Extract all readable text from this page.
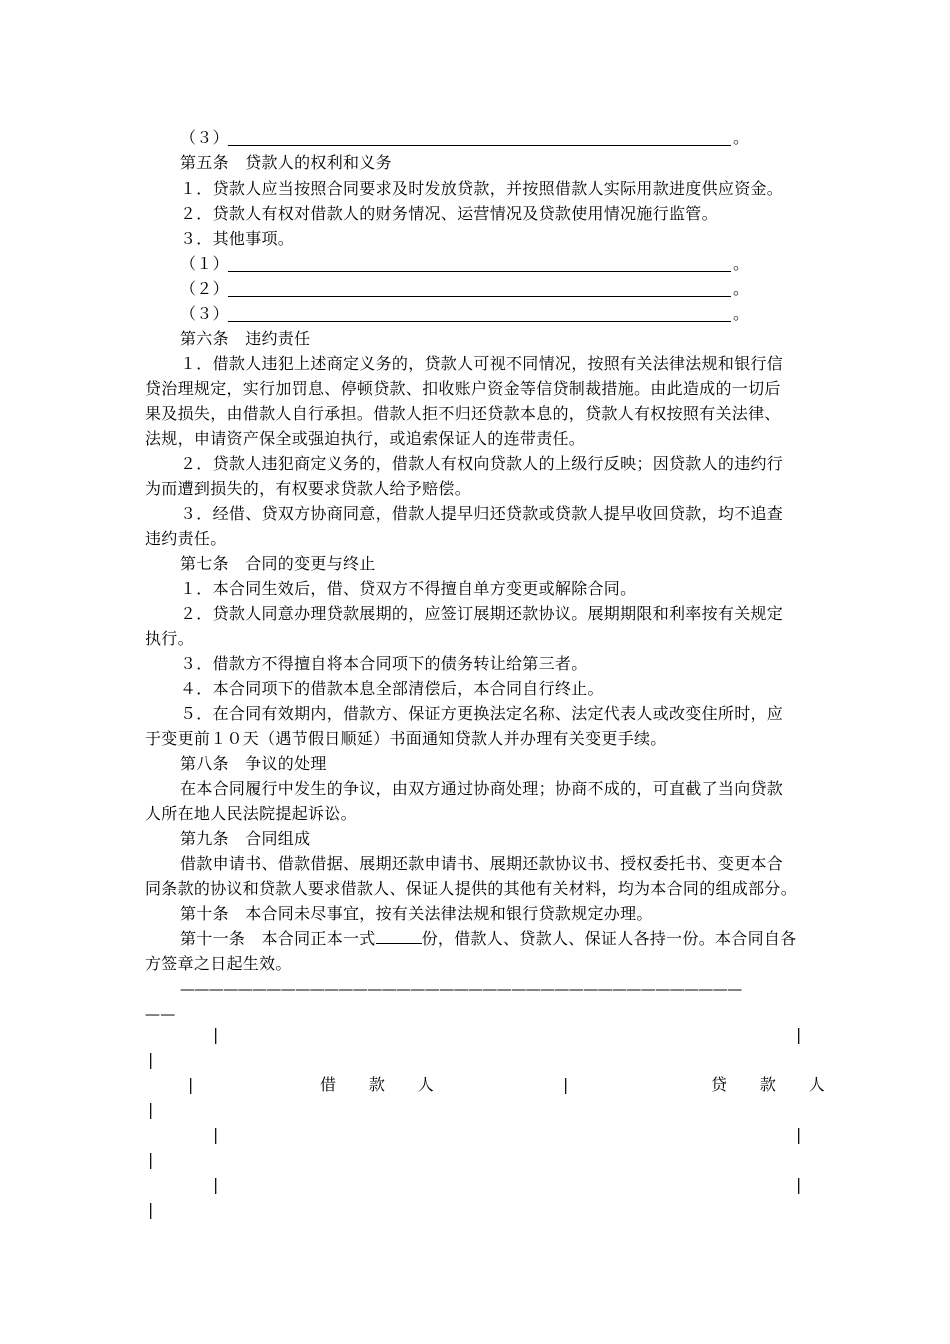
（３）	。
第五条　贷款人的权利和义务
１．贷款人应当按照合同要求及时发放贷款，并按照借款人实际用款进度供应资金。
２．贷款人有权对借款人的财务情况、运营情况及贷款使用情况施行监管。
３．其他事项。
（１）	。
（２）	。
（３）	。
第六条　违约责任
１．借款人违犯上述商定义务的，贷款人可视不同情况，按照有关法律法规和银行信
贷治理规定，实行加罚息、停顿贷款、扣收账户资金等信贷制裁措施。由此造成的一切后
果及损失，由借款人自行承担。借款人拒不归还贷款本息的，贷款人有权按照有关法律、
法规，申请资产保全或强迫执行，或追索保证人的连带责任。
２．贷款人违犯商定义务的，借款人有权向贷款人的上级行反映；因贷款人的违约行
为而遭到损失的，有权要求贷款人给予赔偿。
３．经借、贷双方协商同意，借款人提早归还贷款或贷款人提早收回贷款，均不追查
违约责任。
第七条　合同的变更与终止
１．本合同生效后，借、贷双方不得擅自单方变更或解除合同。
２．贷款人同意办理贷款展期的，应签订展期还款协议。展期期限和利率按有关规定
执行。
３．借款方不得擅自将本合同项下的债务转让给第三者。
４．本合同项下的借款本息全部清偿后，本合同自行终止。
５．在合同有效期内，借款方、保证方更换法定名称、法定代表人或改变住所时，应
于变更前１０天（遇节假日顺延）书面通知贷款人并办理有关变更手续。
第八条　争议的处理
在本合同履行中发生的争议，由双方通过协商处理；协商不成的，可直截了当向贷款
人所在地人民法院提起诉讼。
第九条　合同组成
借款申请书、借款借据、展期还款申请书、展期还款协议书、授权委托书、变更本合
同条款的协议和贷款人要求借款人、保证人提供的其他有关材料，均为本合同的组成部分。
第十条　本合同未尽事宜，按有关法律法规和银行贷款规定办理。
第十一条　本合同正本一式	份，借款人、贷款人、保证人各持一份。本合同自各
方签章之日起生效。
———————————————————————————————————————
——
|	|
|
|	借　　款　　人	|	贷　　款　　人
|
|	|
|
|	|
|
